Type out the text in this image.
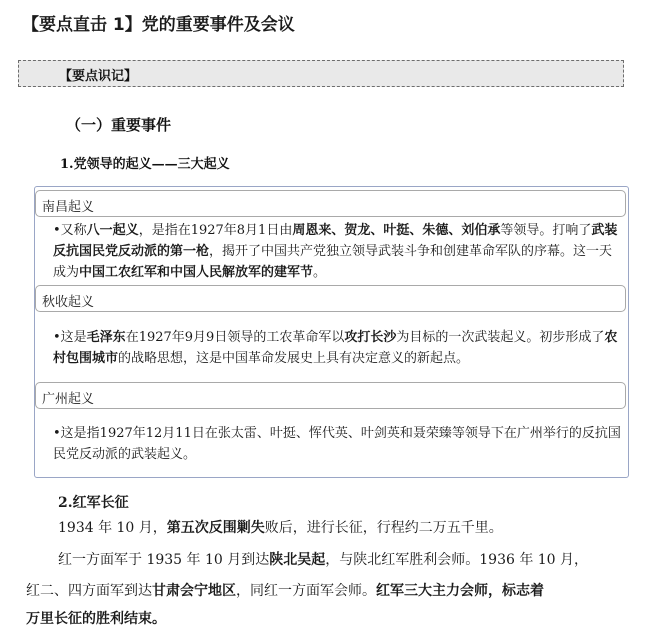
【要点直击 1】党的重要事件及会议
【要点识记】
（一）重要事件
1.党领导的起义——三大起义
南昌起义
•又称八一起义，是指在1927年8月1日由周恩来、贺龙、叶挺、朱德、刘伯承等领导。打响了武装反抗国民党反动派的第一枪，揭开了中国共产党独立领导武装斗争和创建革命军队的序幕。这一天成为中国工农红军和中国人民解放军的建军节。
秋收起义
•这是毛泽东在1927年9月9日领导的工农革命军以攻打长沙为目标的一次武装起义。初步形成了农村包围城市的战略思想，这是中国革命发展史上具有决定意义的新起点。
广州起义
•这是指1927年12月11日在张太雷、叶挺、恽代英、叶剑英和聂荣臻等领导下在广州举行的反抗国民党反动派的武装起义。
2.红军长征
1934 年 10 月，第五次反围剿失败后，进行长征，行程约二万五千里。
红一方面军于 1935 年 10 月到达陕北吴起，与陕北红军胜利会师。1936 年 10 月，
红二、四方面军到达甘肃会宁地区，同红一方面军会师。红军三大主力会师，标志着
万里长征的胜利结束。
